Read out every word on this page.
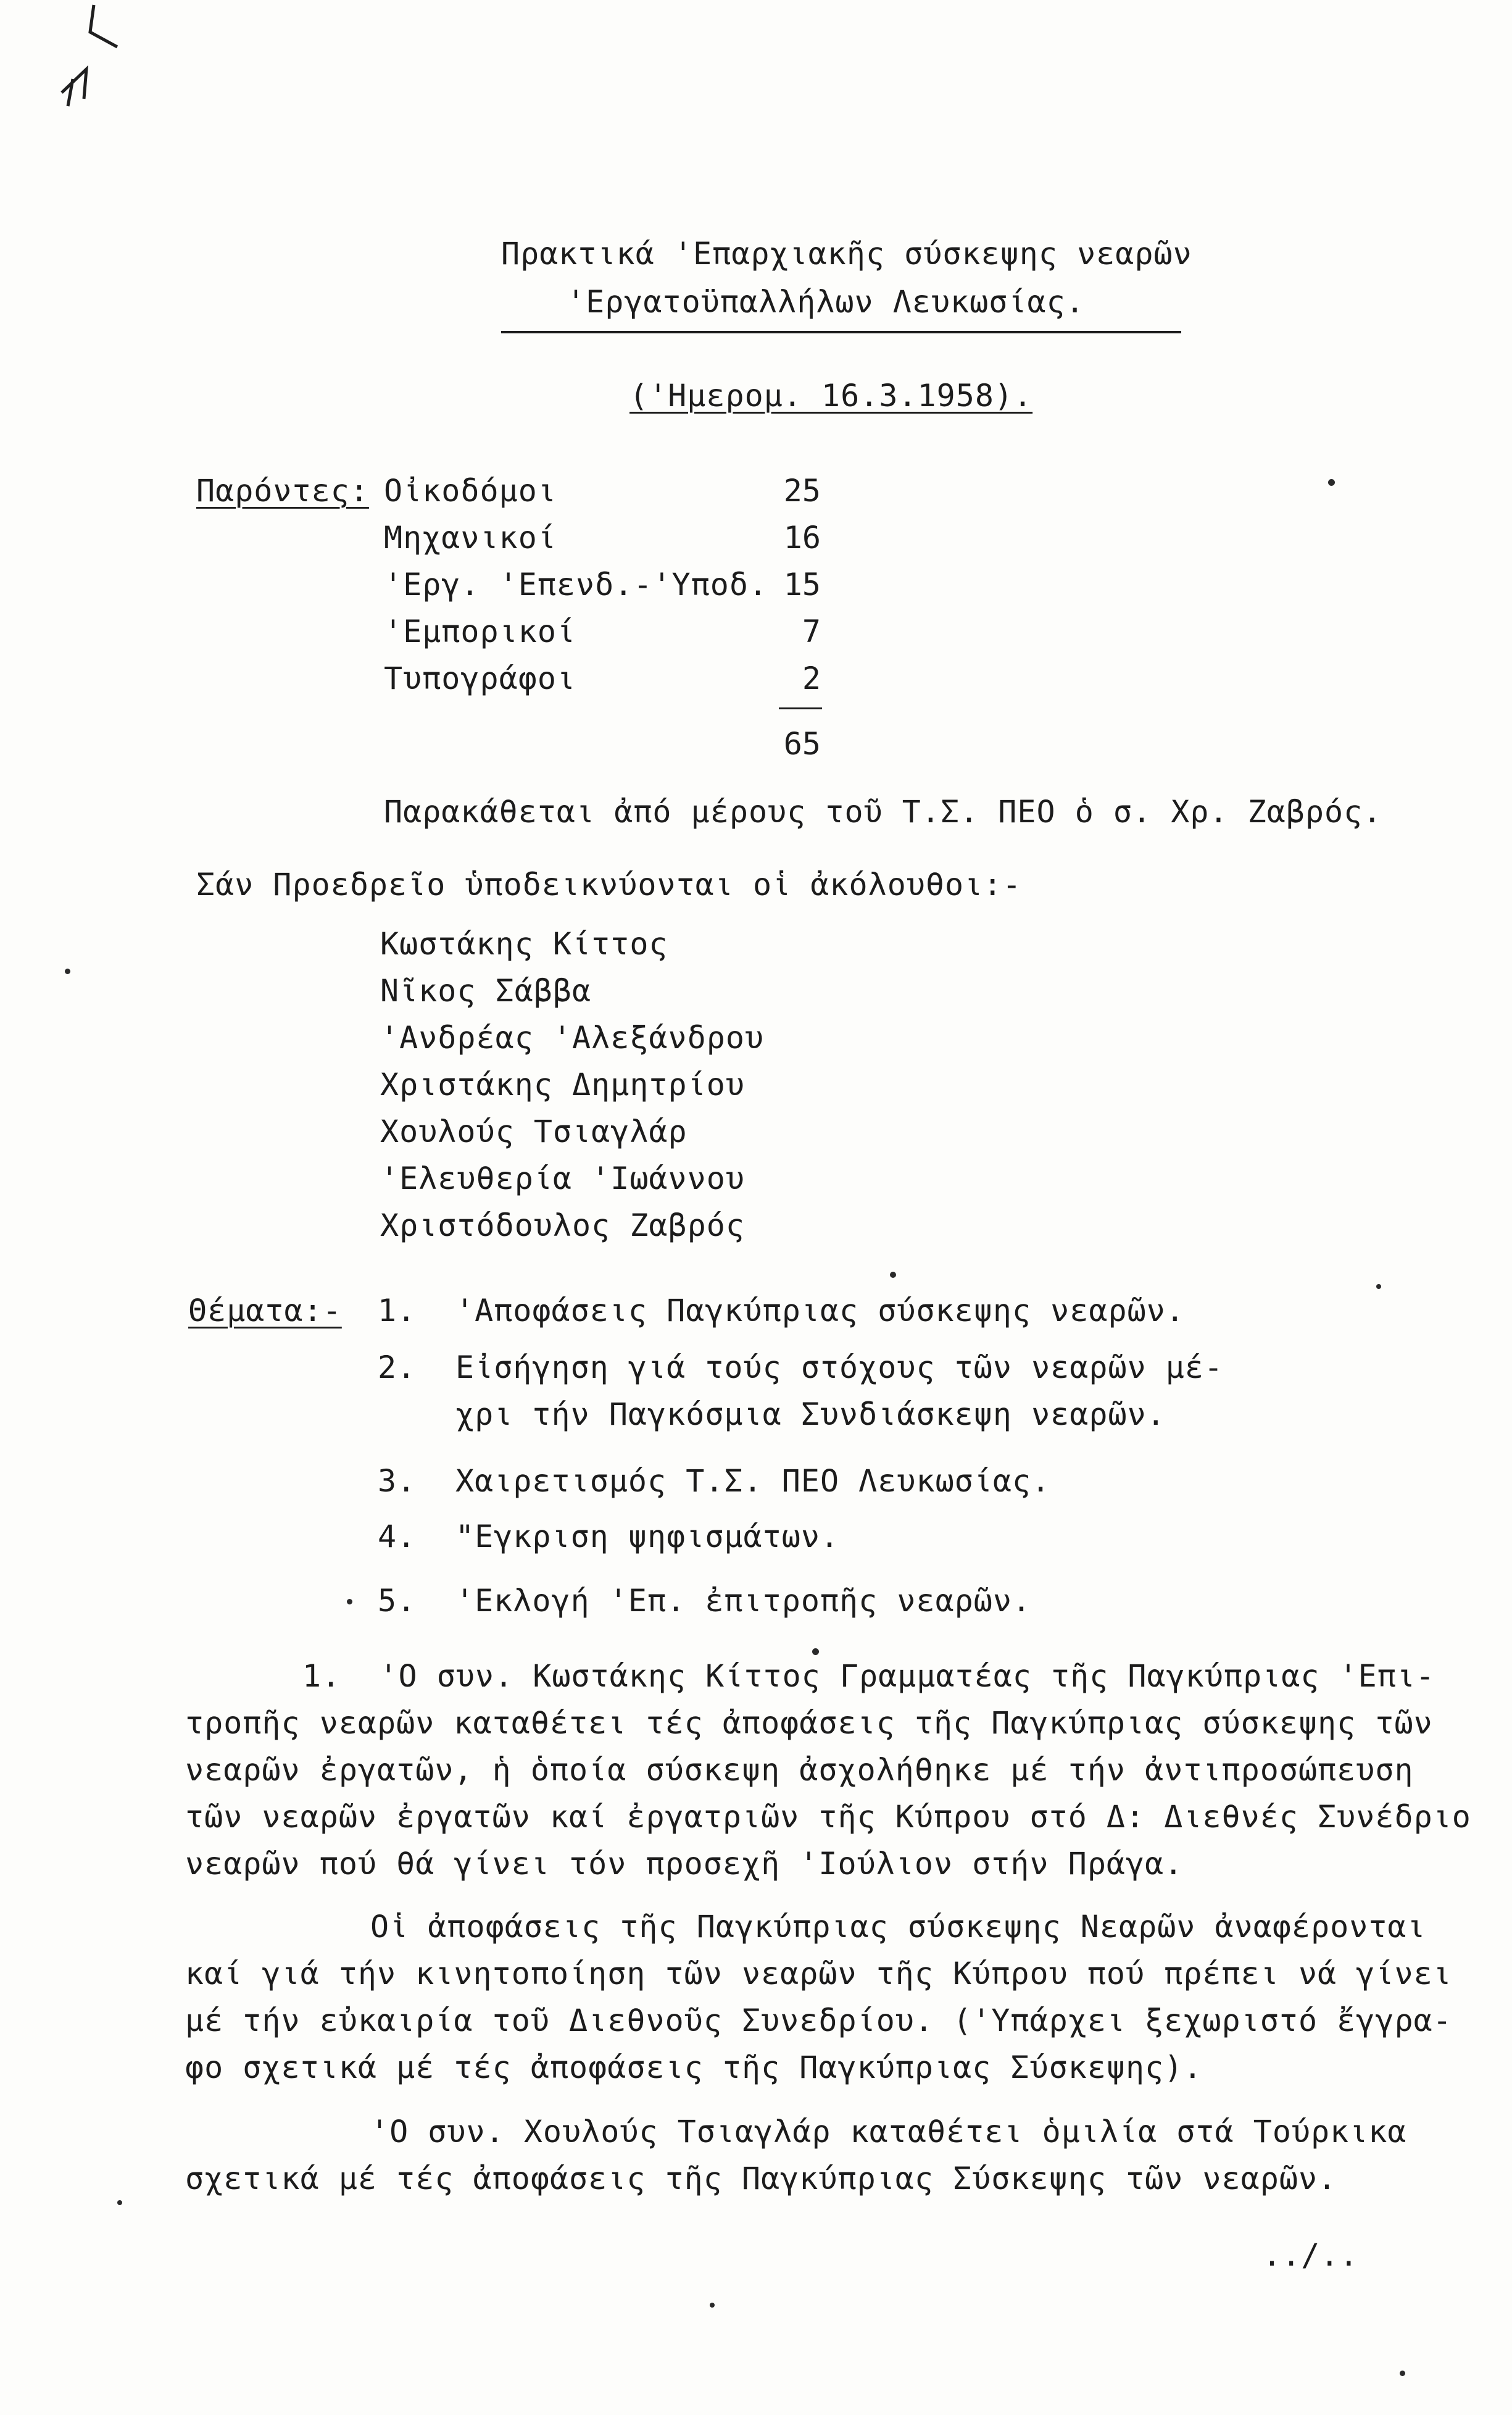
Πρακτικά 'Επαρχιακῆς σύσκεψης νεαρῶν
'Εργατοϋπαλλήλων Λευκωσίας.
('Ημερομ. 16.3.1958).
Παρόντες: Οἰκοδόμοι	25
Μηχανικοί	16
'Εργ. 'Επενδ.-'Υποδ. 15
'Εμπορικοί	7
Τυπογράφοι	2
65
Παρακάθεται ἀπό μέρους τοῦ Τ.Σ. ΠΕΟ ὁ σ. Χρ. Ζαβρός.
Σάν Προεδρεῖο ὑποδεικνύονται οἱ ἀκόλουθοι:-
Κωστάκης Κίττος
Νῖκος Σάββα
'Ανδρέας 'Αλεξάνδρου
Χριστάκης Δημητρίου
Χουλούς Τσιαγλάρ
'Ελευθερία 'Ιωάννου
Χριστόδουλος Ζαβρός
Θέματα:- 1. 'Αποφάσεις Παγκύπριας σύσκεψης νεαρῶν.
2. Εἰσήγηση γιά τούς στόχους τῶν νεαρῶν μέ-
χρι τήν Παγκόσμια Συνδιάσκεψη νεαρῶν.
3. Χαιρετισμός Τ.Σ. ΠΕΟ Λευκωσίας.
4. "Εγκριση ψηφισμάτων.
5. 'Εκλογή 'Επ. ἐπιτροπῆς νεαρῶν.
1.  'Ο συν. Κωστάκης Κίττος Γραμματέας τῆς Παγκύπριας 'Επι-
τροπῆς νεαρῶν καταθέτει τές ἀποφάσεις τῆς Παγκύπριας σύσκεψης τῶν
νεαρῶν ἐργατῶν, ἡ ὁποία σύσκεψη ἀσχολήθηκε μέ τήν ἀντιπροσώπευση
τῶν νεαρῶν ἐργατῶν καί ἐργατριῶν τῆς Κύπρου στό Δ: Διεθνές Συνέδριο
νεαρῶν πού θά γίνει τόν προσεχῆ 'Ιούλιον στήν Πράγα.
Οἱ ἀποφάσεις τῆς Παγκύπριας σύσκεψης Νεαρῶν ἀναφέρονται
καί γιά τήν κινητοποίηση τῶν νεαρῶν τῆς Κύπρου πού πρέπει νά γίνει
μέ τήν εὐκαιρία τοῦ Διεθνοῦς Συνεδρίου. ('Υπάρχει ξεχωριστό ἔγγρα-
φο σχετικά μέ τές ἀποφάσεις τῆς Παγκύπριας Σύσκεψης).
'Ο συν. Χουλούς Τσιαγλάρ καταθέτει ὁμιλία στά Τούρκικα
σχετικά μέ τές ἀποφάσεις τῆς Παγκύπριας Σύσκεψης τῶν νεαρῶν.
../..
